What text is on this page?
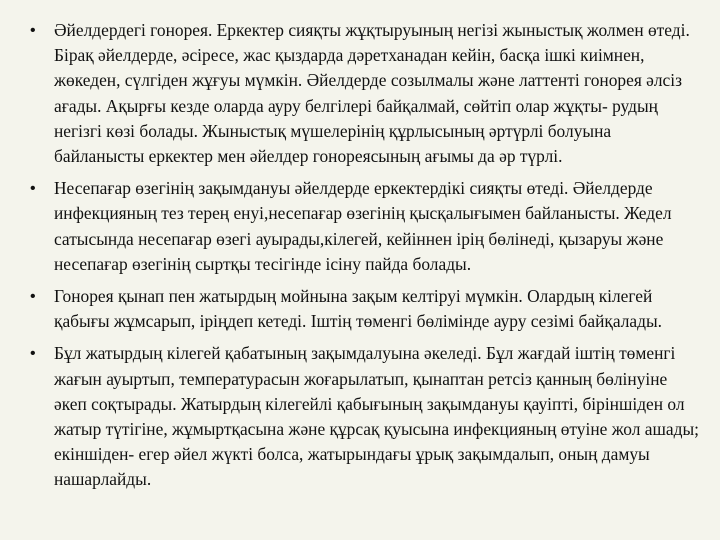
• Әйелдердегі гонорея. Еркектер сияқты жұқтыруының негізі жыныстық жолмен өтеді. Бірақ әйелдерде, әсіресе, жас қыздарда дәретханадан кейін, басқа ішкі киімнен, жөкеден, сүлгіден жұғуы мүмкін. Әйелдерде созылмалы және латтенті гонорея әлсіз ағады. Ақырғы кезде оларда ауру белгілері байқалмай, сөйтіп олар жұқты- рудың негізгі көзі болады. Жыныстық мүшелерінің құрлысының әртүрлі болуына байланысты еркектер мен әйелдер гонореясының ағымы да әр түрлі.
• Несепағар өзегінің зақымдануы әйелдерде еркектердікі сияқты өтеді. Әйелдерде инфекцияның тез терең енуі,несепағар өзегінің қысқалығымен байланысты. Жедел сатысында несепағар өзегі ауырады,кілегей, кейіннен ірің бөлінеді, қызаруы және несепағар өзегінің сыртқы тесігінде ісіну пайда болады.
• Гонорея қынап пен жатырдың мойнына зақым келтіруі мүмкін. Олардың кілегей қабығы жұмсарып, іріңдеп кетеді. Іштің төменгі бөлімінде ауру сезімі байқалады.
• Бұл жатырдың кілегей қабатының зақымдалуына әкеледі. Бұл жағдай іштің төменгі жағын ауыртып, температурасын жоғарылатып, қынаптан ретсіз қанның бөлінуіне әкеп соқтырады. Жатырдың кілегейлі қабығының зақымдануы қауіпті, біріншіден ол жатыр түтігіне, жұмыртқасына және құрсақ қуысына инфекцияның өтуіне жол ашады; екіншіден- егер әйел жүкті болса, жатырындағы ұрық зақымдалып, оның дамуы нашарлайды.
